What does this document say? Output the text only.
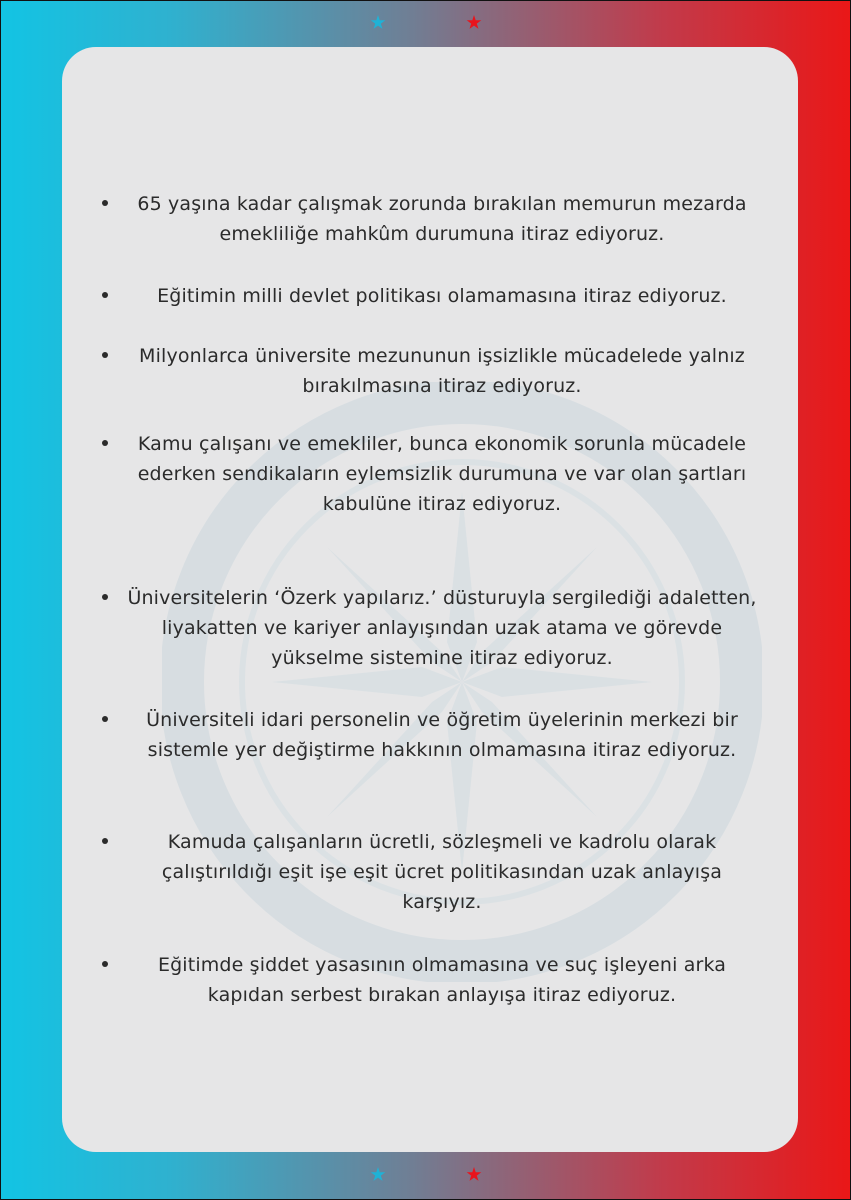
65 yaşına kadar çalışmak zorunda bırakılan memurun mezarda emekliliğe mahkûm durumuna itiraz ediyoruz.
Eğitimin milli devlet politikası olamamasına itiraz ediyoruz.
Milyonlarca üniversite mezununun işsizlikle mücadelede yalnız bırakılmasına itiraz ediyoruz.
Kamu çalışanı ve emekliler, bunca ekonomik sorunla mücadele ederken sendikaların eylemsizlik durumuna ve var olan şartları kabulüne itiraz ediyoruz.
Üniversitelerin ‘Özerk yapılarız.’ düsturuyla sergilediği adaletten, liyakatten ve kariyer anlayışından uzak atama ve görevde yükselme sistemine itiraz ediyoruz.
Üniversiteli idari personelin ve öğretim üyelerinin merkezi bir sistemle yer değiştirme hakkının olmamasına itiraz ediyoruz.
Kamuda çalışanların ücretli, sözleşmeli ve kadrolu olarak çalıştırıldığı eşit işe eşit ücret politikasından uzak anlayışa karşıyız.
Eğitimde şiddet yasasının olmamasına ve suç işleyeni arka kapıdan serbest bırakan anlayışa itiraz ediyoruz.
